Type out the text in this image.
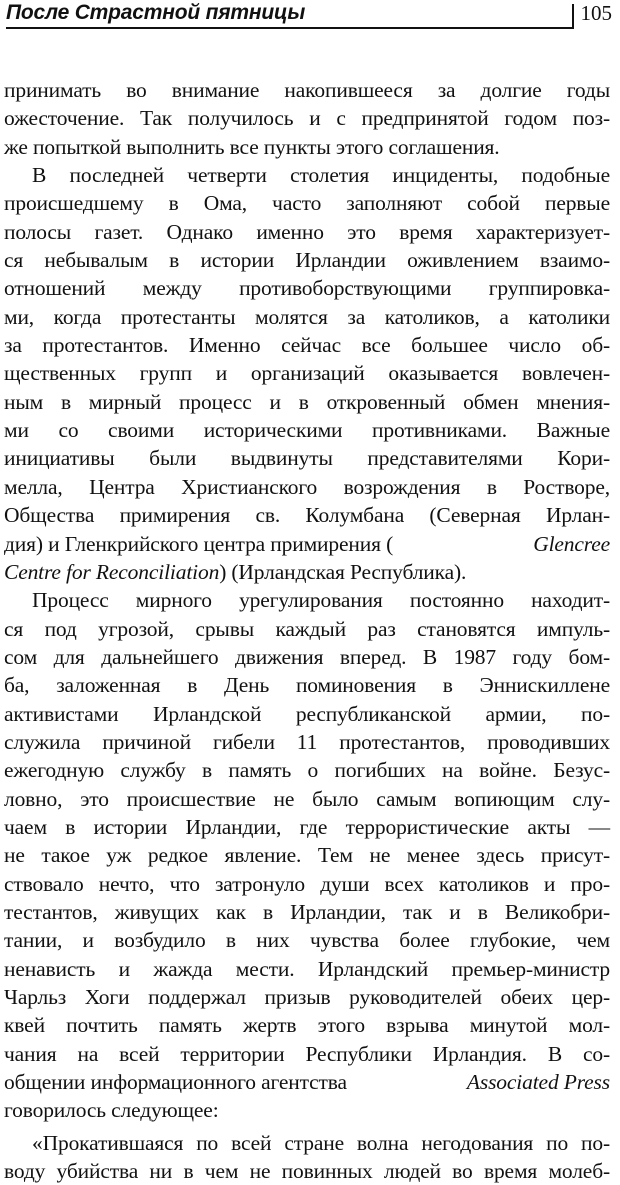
После Страстной пятницы	105
принимать во внимание накопившееся за долгие годы
ожесточение. Так получилось и с предпринятой годом поз-
же попыткой выполнить все пункты этого соглашения.
В последней четверти столетия инциденты, подобные
происшедшему в Ома, часто заполняют собой первые
полосы газет. Однако именно это время характеризует-
ся небывалым в истории Ирландии оживлением взаимо-
отношений между противоборствующими группировка-
ми, когда протестанты молятся за католиков, а католики
за протестантов. Именно сейчас все большее число об-
щественных групп и организаций оказывается вовлечен-
ным в мирный процесс и в откровенный обмен мнения-
ми со своими историческими противниками. Важные
инициативы были выдвинуты представителями Кори-
мелла, Центра Христианского возрождения в Ростворе,
Общества примирения св. Колумбана (Северная Ирлан-
дия) и Гленкрийского центра примирения (	Glencree
Centre for Reconciliation) (Ирландская Республика).
Процесс мирного урегулирования постоянно находит-
ся под угрозой, срывы каждый раз становятся импуль-
сом для дальнейшего движения вперед. В 1987 году бом-
ба, заложенная в День поминовения в Эннискиллене
активистами Ирландской республиканской армии, по-
служила причиной гибели 11 протестантов, проводивших
ежегодную службу в память о погибших на войне. Безус-
ловно, это происшествие не было самым вопиющим слу-
чаем в истории Ирландии, где террористические акты —
не такое уж редкое явление. Тем не менее здесь присут-
ствовало нечто, что затронуло души всех католиков и про-
тестантов, живущих как в Ирландии, так и в Великобри-
тании, и возбудило в них чувства более глубокие, чем
ненависть и жажда мести. Ирландский премьер-министр
Чарльз Хоги поддержал призыв руководителей обеих цер-
квей почтить память жертв этого взрыва минутой мол-
чания на всей территории Республики Ирландия. В со-
общении информационного агентства	Associated Press
говорилось следующее:
«Прокатившаяся по всей стране волна негодования по по-
воду убийства ни в чем не повинных людей во время молеб-
